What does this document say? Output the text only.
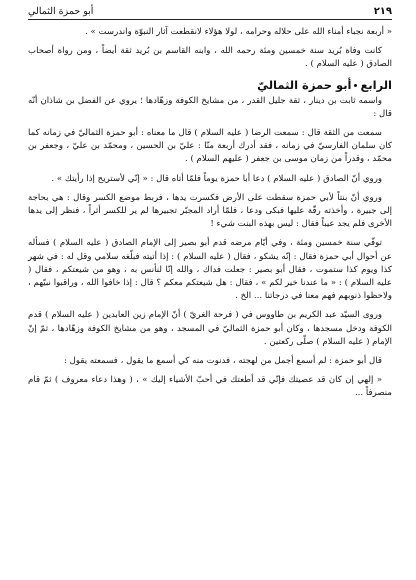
٢١٩
أبو حمزة الثمالي

« أربعة نجباء أمناء الله على حلاله وحرامه ، لولا هؤلاء لانقطعت آثار النبوّة واندرست » .

كانت وفاة بُريد سنة خمسين ومئة رحمه الله ، وابنه القاسم بن بُريد ثقة أيضاً ، ومن رواة أصحاب الصادق ( عليه السلام ) .

الرابعأبو حمزة الثماليّ

واسمه ثابت بن دينار ، ثقة جليل القدر ، من مشايخ الكوفة وزهّادها ؛ يروي عن الفضل بن شاذان أنّه قال :

سمعت من الثقة قال : سمعت الرضا ( عليه السلام ) قال ما معناه : أبو حمزة الثماليّ في زمانه كما كان سلمان الفارسيّ في زمانه ، فقد أدرك أربعة منّا : عليّ بن الحسين ، ومحمّد بن عليّ ، وجعفر بن محمّد ، وقدراً من زمان موسى بن جعفر ( عليهم السلام ) .

وروي أنّ الصادق ( عليه السلام ) دعا أبا حمزة يوماً فلمّا أتاه قال : « إنّي لأستريح إذا رأيتك » .

وروي أنّ بنتاً لأبي حمزة سقطت على الأرض فكسرت يدها ، فربط موضع الكسر وقال : هي بحاجة إلى جبيرة ، وأخذته رقّة عليها فبكى ودعا ، فلمّا أراد المجبّر تجبيرها لم ير للكسر أثراً ، فنظر إلى يدها الأخرى فلم يجد عيباً فقال : ليس بهذه البنت شيء !

توفّي سنة خمسين ومئة ، وفي أيّام مرضه قدم أبو بصير إلى الإمام الصادق ( عليه السلام ) فسأله عن أحوال أبي حمزة فقال : إنّه يشكو ، فقال ( عليه السلام ) : إذا أتيته فبلّغه سلامي وقل له : في شهر كذا ويوم كذا ستموت ، فقال أبو بصير : جعلت فداك ، والله إنّا لنأنس به ، وهو من شيعتكم ، فقال ( عليه السلام ) : « ما عندنا خير لكم » ، فقال : هل شيعتكم معكم ؟ قال : إذا خافوا الله ، وراقبوا نبيّهم ، ولاحظوا ذنوبهم فهم معنا في درجاتنا ... الخ .

وروى السيّد عبد الكريم بن طاووس في ( فرحة الغريّ ) أنّ الإمام زين العابدين ( عليه السلام ) قدم الكوفة ودخل مسجدها ، وكان أبو حمزة الثماليّ في المسجد ، وهو من مشايخ الكوفة وزهّادها ، ثمّ إنّ الإمام ( عليه السلام ) صلّى ركعتين .

قال أبو حمزة : لم أسمع أجمل من لهجته ، فدنوت منه كي أسمع ما يقول ، فسمعته يقول :

« إلهي إن كان قد عصيتك فإنّي قد أطعتك في أحبّ الأشياء إليك » ، ( وهذا دعاء معروف ) ثمّ قام منصرفاً ...
